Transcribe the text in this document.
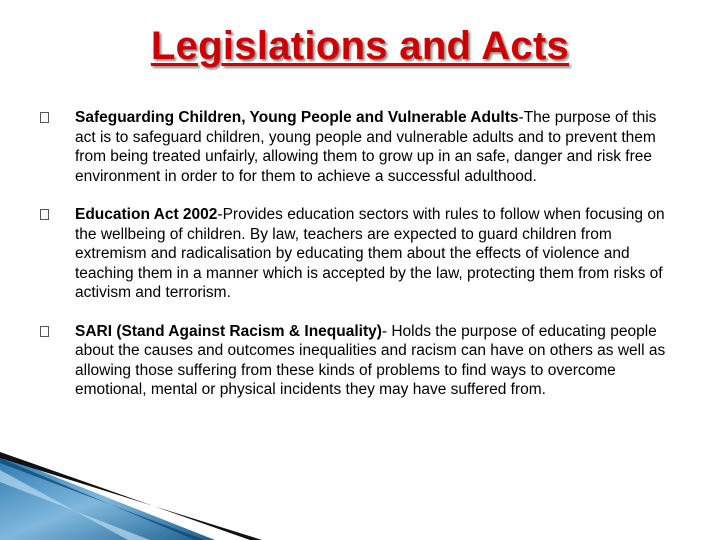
Legislations and Acts
Safeguarding Children, Young People and Vulnerable Adults-The purpose of this act is to safeguard children, young people and vulnerable adults and to prevent them from being treated unfairly, allowing them to grow up in an safe, danger and risk free environment in order to for them to achieve a successful adulthood.
Education Act 2002-Provides education sectors with rules to follow when focusing on the wellbeing of children. By law, teachers are expected to guard children from extremism and radicalisation by educating them about the effects of violence and teaching them in a manner which is accepted by the law, protecting them from risks of activism and terrorism.
SARI (Stand Against Racism & Inequality)- Holds the purpose of educating people about the causes and outcomes inequalities and racism can have on others as well as allowing those suffering from these kinds of problems to find ways to overcome emotional, mental or physical incidents they may have suffered from.
